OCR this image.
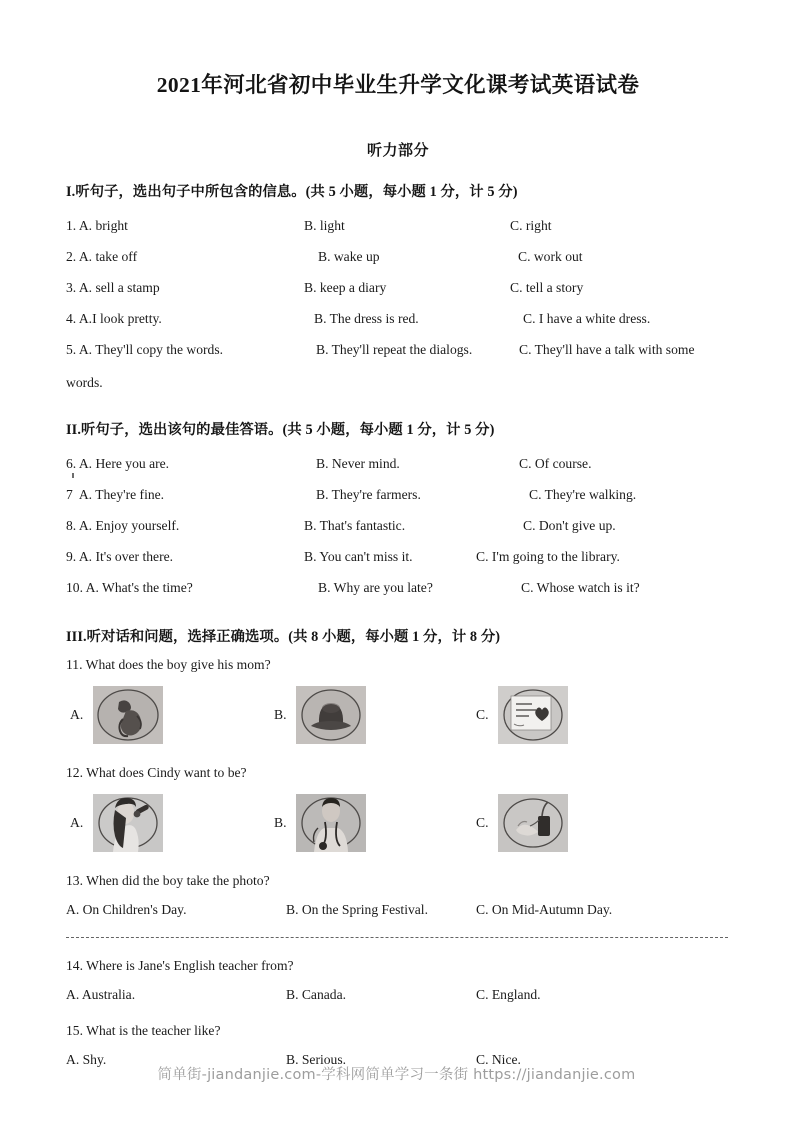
2021年河北省初中毕业生升学文化课考试英语试卷
听力部分
I.听句子，选出句子中所包含的信息。(共 5 小题，每小题 1 分，计 5 分)
1. A. bright	B. light	C. right
2. A. take off	B. wake up	C. work out
3. A. sell a stamp	B. keep a diary	C. tell a story
4. A.I look pretty.	B. The dress is red.	C. I have a white dress.
5. A. They'll copy the words.	B. They'll repeat the dialogs.	C. They'll have a talk with some
words.
II.听句子，选出该句的最佳答语。(共 5 小题，每小题 1 分，计 5 分)
6. A. Here you are.	B. Never mind.	C. Of course.
7 A. They're fine.	B. They're farmers.	C. They're walking.
8. A. Enjoy yourself.	B. That's fantastic.	C. Don't give up.
9. A. It's over there.	B. You can't miss it.	C. I'm going to the library.
10. A. What's the time?	B. Why are you late?	C. Whose watch is it?
III.听对话和问题，选择正确选项。(共 8 小题，每小题 1 分，计 8 分)
11. What does the boy give his mom?
A.	B.	C.
12. What does Cindy want to be?
A.	B.	C.
13. When did the boy take the photo?
A. On Children's Day.	B. On the Spring Festival.	C. On Mid-Autumn Day.
14. Where is Jane's English teacher from?
A. Australia.	B. Canada.	C. England.
15. What is the teacher like?
A. Shy.	B. Serious.	C. Nice.
简单街-jiandanjie.com-学科网简单学习一条街 https://jiandanjie.com
